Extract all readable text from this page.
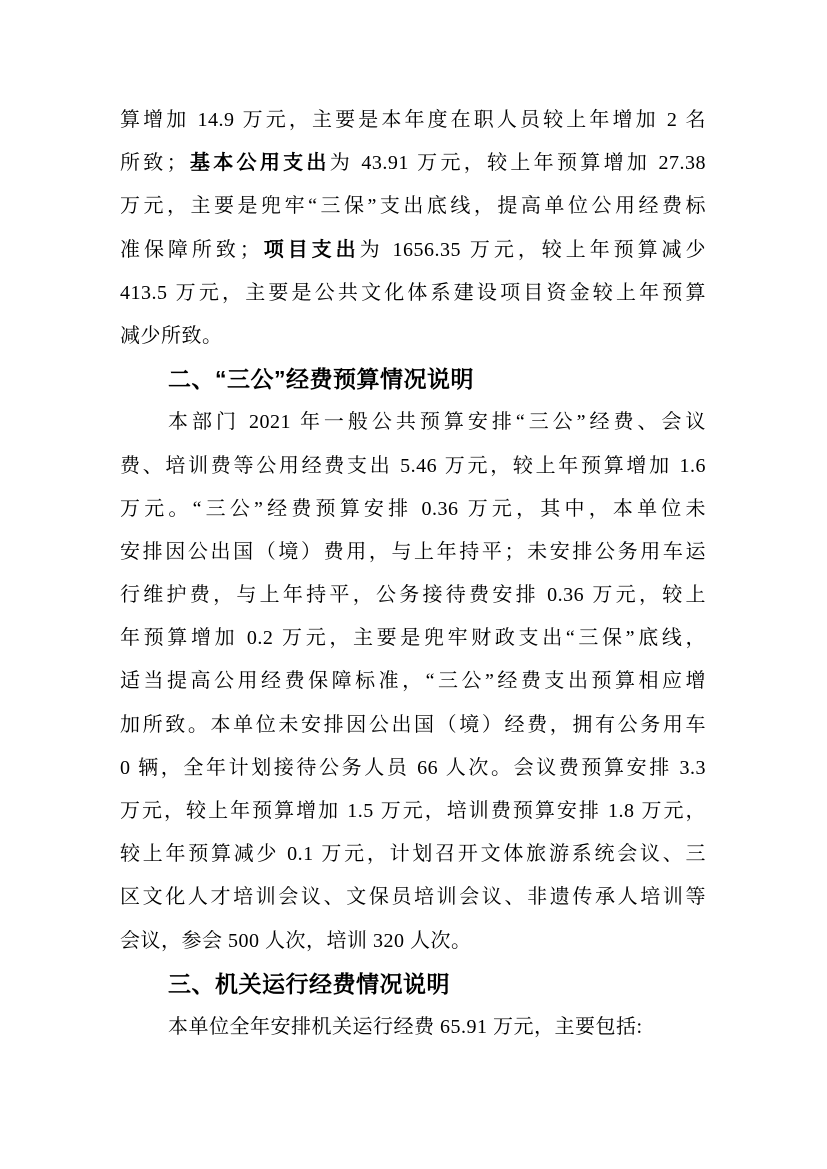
算增加 14.9 万元，主要是本年度在职人员较上年增加 2 名
所致；基本公用支出为 43.91 万元，较上年预算增加 27.38
万元，主要是兜牢“三保”支出底线，提高单位公用经费标
准保障所致；项目支出为 1656.35 万元，较上年预算减少
413.5 万元，主要是公共文化体系建设项目资金较上年预算
减少所致。
二、“三公”经费预算情况说明
本部门 2021 年一般公共预算安排“三公”经费、会议
费、培训费等公用经费支出 5.46 万元，较上年预算增加 1.6
万元。“三公”经费预算安排 0.36 万元，其中，本单位未
安排因公出国（境）费用，与上年持平；未安排公务用车运
行维护费，与上年持平，公务接待费安排 0.36 万元，较上
年预算增加 0.2 万元，主要是兜牢财政支出“三保”底线，
适当提高公用经费保障标准，“三公”经费支出预算相应增
加所致。本单位未安排因公出国（境）经费，拥有公务用车
0 辆，全年计划接待公务人员 66 人次。会议费预算安排 3.3
万元，较上年预算增加 1.5 万元，培训费预算安排 1.8 万元，
较上年预算减少 0.1 万元，计划召开文体旅游系统会议、三
区文化人才培训会议、文保员培训会议、非遗传承人培训等
会议，参会 500 人次，培训 320 人次。
三、机关运行经费情况说明
本单位全年安排机关运行经费 65.91 万元，主要包括:
